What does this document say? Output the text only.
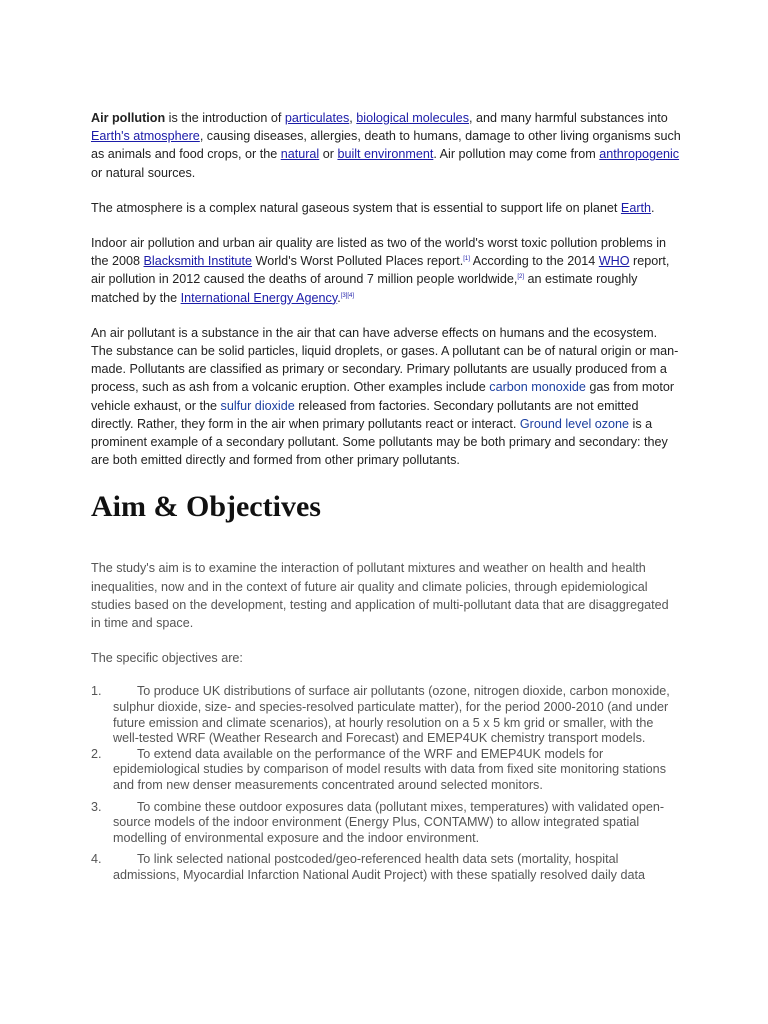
Air pollution is the introduction of particulates, biological molecules, and many harmful substances into Earth's atmosphere, causing diseases, allergies, death to humans, damage to other living organisms such as animals and food crops, or the natural or built environment. Air pollution may come from anthropogenic or natural sources.

The atmosphere is a complex natural gaseous system that is essential to support life on planet Earth.

Indoor air pollution and urban air quality are listed as two of the world's worst toxic pollution problems in the 2008 Blacksmith Institute World's Worst Polluted Places report.[1] According to the 2014 WHO report, air pollution in 2012 caused the deaths of around 7 million people worldwide,[2] an estimate roughly matched by the International Energy Agency.[3][4]

An air pollutant is a substance in the air that can have adverse effects on humans and the ecosystem. The substance can be solid particles, liquid droplets, or gases. A pollutant can be of natural origin or man-made. Pollutants are classified as primary or secondary. Primary pollutants are usually produced from a process, such as ash from a volcanic eruption. Other examples include carbon monoxide gas from motor vehicle exhaust, or the sulfur dioxide released from factories. Secondary pollutants are not emitted directly. Rather, they form in the air when primary pollutants react or interact. Ground level ozone is a prominent example of a secondary pollutant. Some pollutants may be both primary and secondary: they are both emitted directly and formed from other primary pollutants.

Aim & Objectives

The study's aim is to examine the interaction of pollutant mixtures and weather on health and health inequalities, now and in the context of future air quality and climate policies, through epidemiological studies based on the development, testing and application of multi-pollutant data that are disaggregated in time and space.

The specific objectives are:

1.	To produce UK distributions of surface air pollutants (ozone, nitrogen dioxide, carbon monoxide, sulphur dioxide, size- and species-resolved particulate matter), for the period 2000-2010 (and under future emission and climate scenarios), at hourly resolution on a 5 x 5 km grid or smaller, with the well-tested WRF (Weather Research and Forecast) and EMEP4UK chemistry transport models.
2.	To extend data available on the performance of the WRF and EMEP4UK models for epidemiological studies by comparison of model results with data from fixed site monitoring stations and from new denser measurements concentrated around selected monitors.
3.	To combine these outdoor exposures data (pollutant mixes, temperatures) with validated open-source models of the indoor environment (Energy Plus, CONTAMW) to allow integrated spatial modelling of environmental exposure and the indoor environment.
4.	To link selected national postcoded/geo-referenced health data sets (mortality, hospital admissions, Myocardial Infarction National Audit Project) with these spatially resolved daily data
